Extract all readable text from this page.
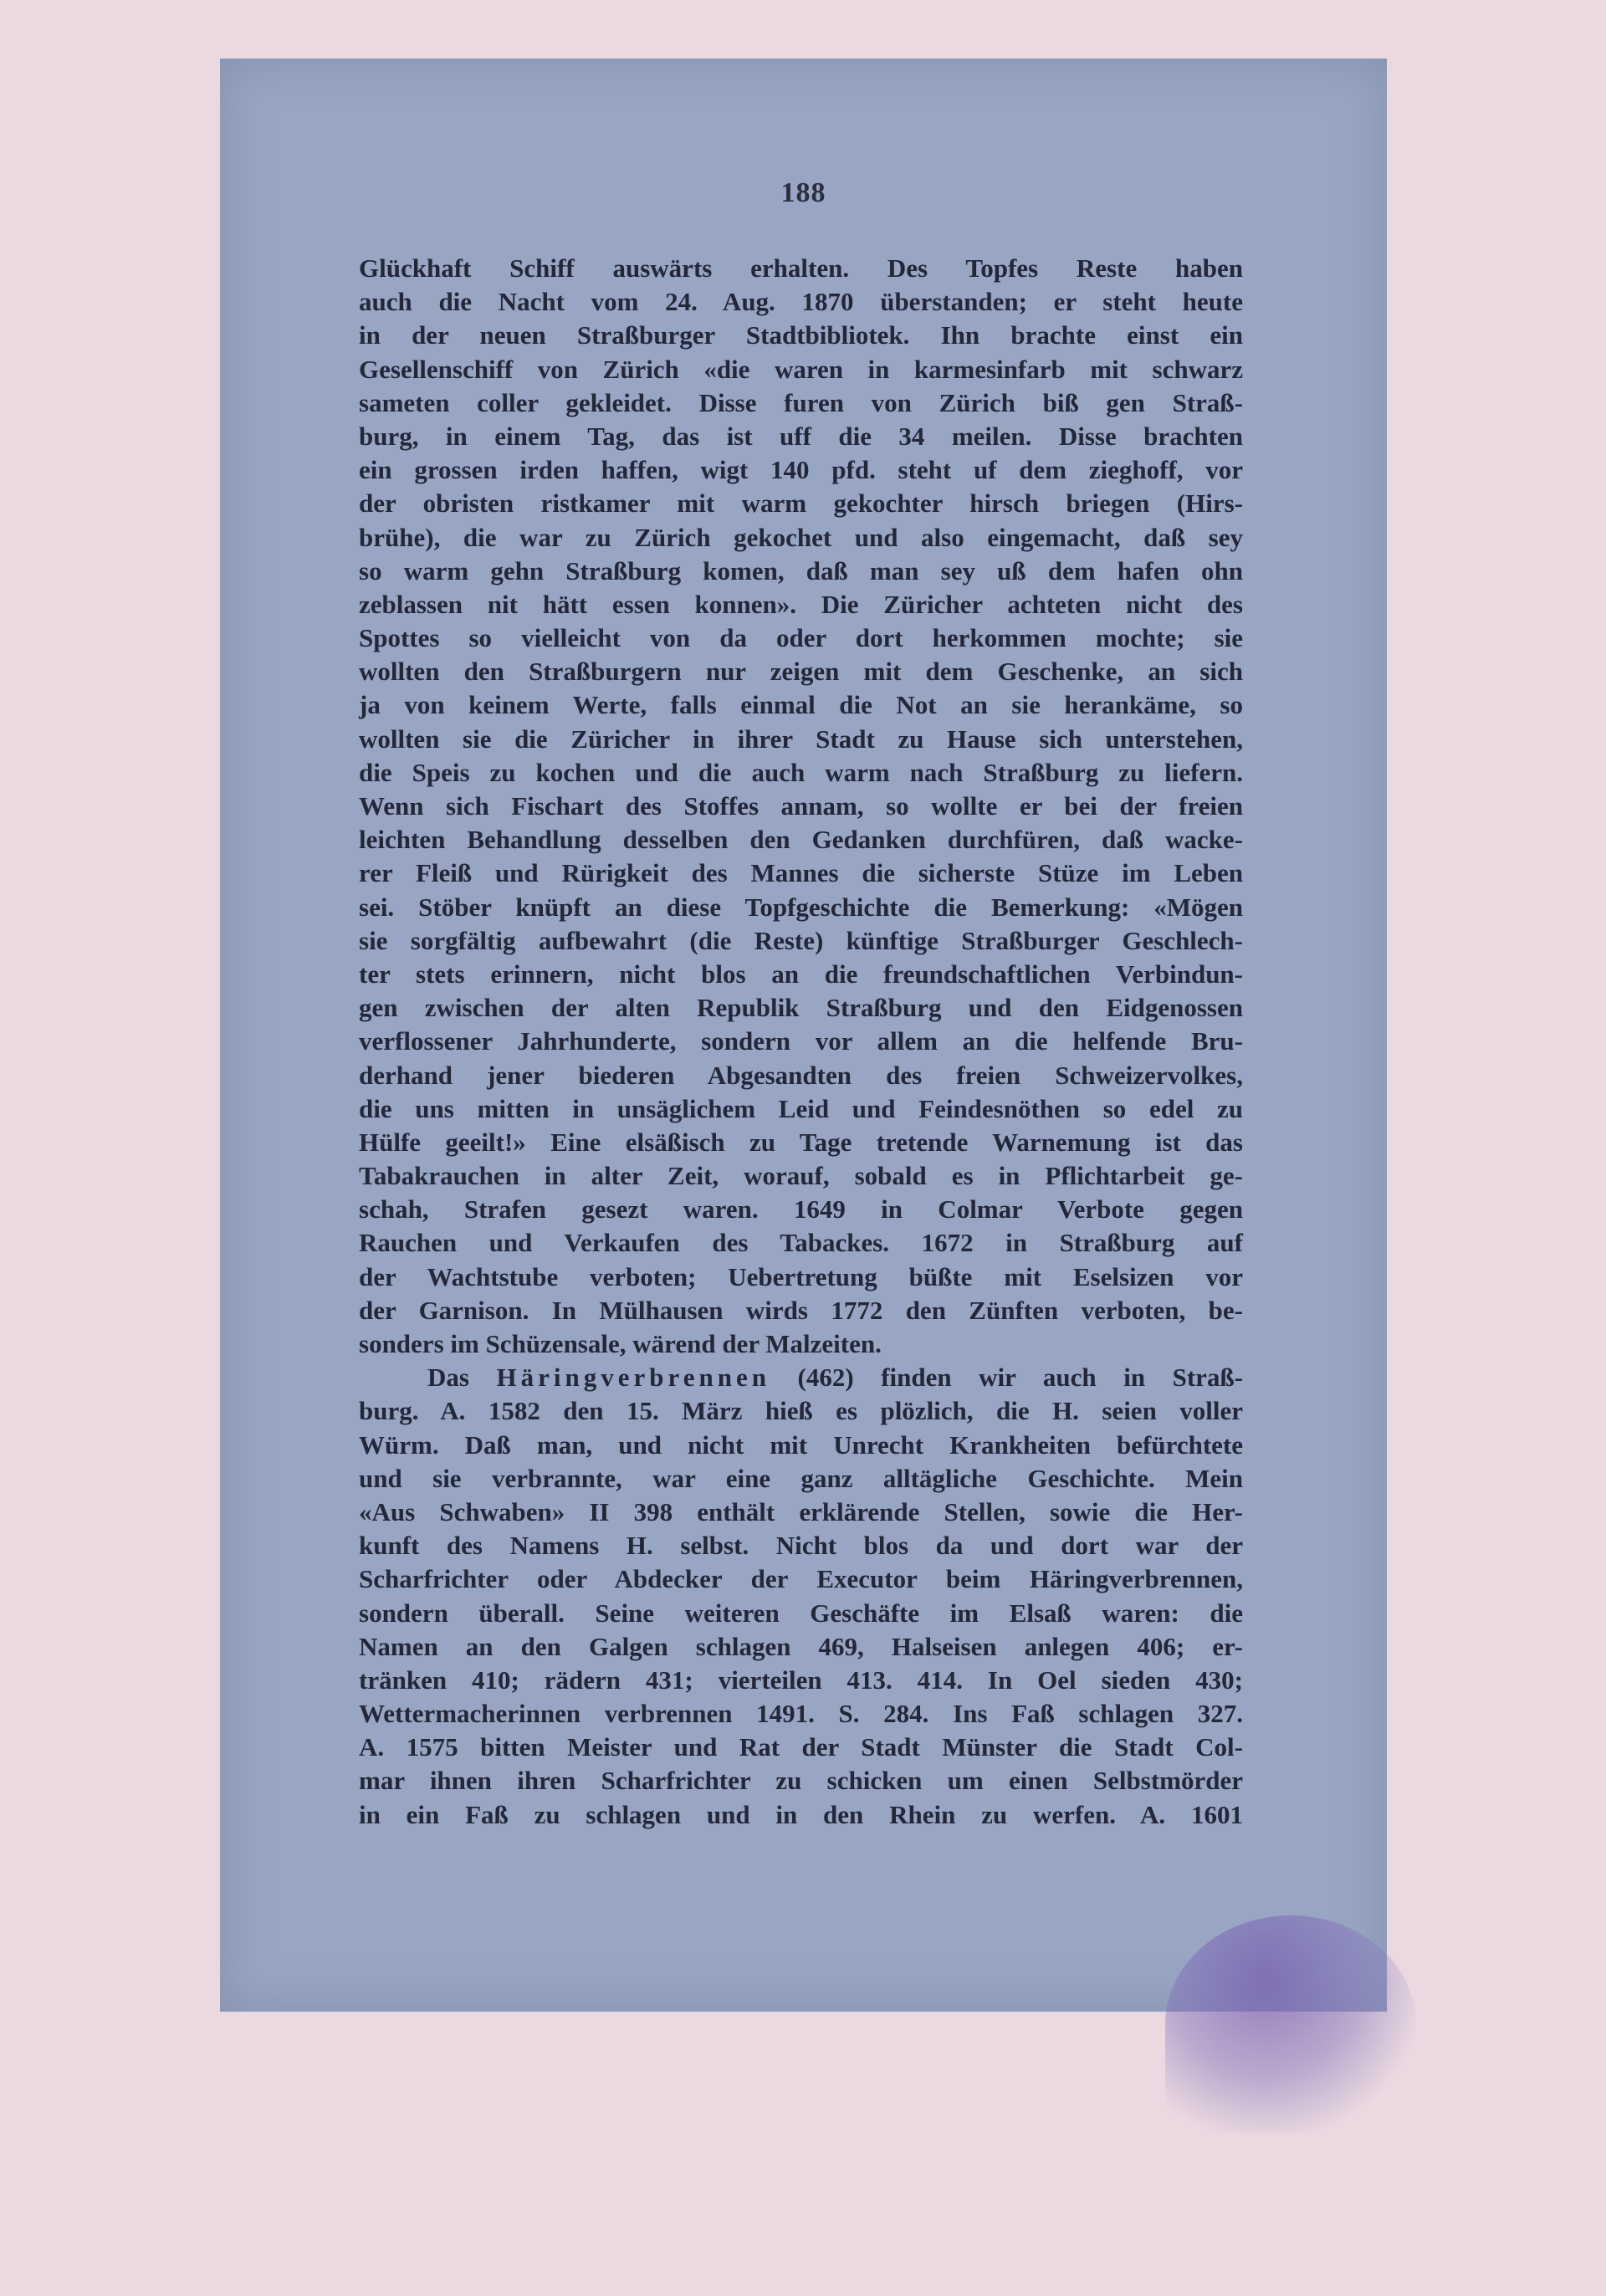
188
Glückhaft Schiff auswärts erhalten. Des Topfes Reste haben
auch die Nacht vom 24. Aug. 1870 überstanden; er steht heute
in der neuen Straßburger Stadtbibliotek. Ihn brachte einst ein
Gesellenschiff von Zürich «die waren in karmesinfarb mit schwarz
sameten coller gekleidet. Disse furen von Zürich biß gen Straß-
burg, in einem Tag, das ist uff die 34 meilen. Disse brachten
ein grossen irden haffen, wigt 140 pfd. steht uf dem zieghoff, vor
der obristen ristkamer mit warm gekochter hirsch briegen (Hirs-
brühe), die war zu Zürich gekochet und also eingemacht, daß sey
so warm gehn Straßburg komen, daß man sey uß dem hafen ohn
zeblassen nit hätt essen konnen». Die Züricher achteten nicht des
Spottes so vielleicht von da oder dort herkommen mochte; sie
wollten den Straßburgern nur zeigen mit dem Geschenke, an sich
ja von keinem Werte, falls einmal die Not an sie herankäme, so
wollten sie die Züricher in ihrer Stadt zu Hause sich unterstehen,
die Speis zu kochen und die auch warm nach Straßburg zu liefern.
Wenn sich Fischart des Stoffes annam, so wollte er bei der freien
leichten Behandlung desselben den Gedanken durchfüren, daß wacke-
rer Fleiß und Rürigkeit des Mannes die sicherste Stüze im Leben
sei. Stöber knüpft an diese Topfgeschichte die Bemerkung: «Mögen
sie sorgfältig aufbewahrt (die Reste) künftige Straßburger Geschlech-
ter stets erinnern, nicht blos an die freundschaftlichen Verbindun-
gen zwischen der alten Republik Straßburg und den Eidgenossen
verflossener Jahrhunderte, sondern vor allem an die helfende Bru-
derhand jener biederen Abgesandten des freien Schweizervolkes,
die uns mitten in unsäglichem Leid und Feindesnöthen so edel zu
Hülfe geeilt!» Eine elsäßisch zu Tage tretende Warnemung ist das
Tabakrauchen in alter Zeit, worauf, sobald es in Pflichtarbeit ge-
schah, Strafen gesezt waren. 1649 in Colmar Verbote gegen
Rauchen und Verkaufen des Tabackes. 1672 in Straßburg auf
der Wachtstube verboten; Uebertretung büßte mit Eselsizen vor
der Garnison. In Mülhausen wirds 1772 den Zünften verboten, be-
sonders im Schüzensale, wärend der Malzeiten.
Das Häringverbrennen (462) finden wir auch in Straß-
burg. A. 1582 den 15. März hieß es plözlich, die H. seien voller
Würm. Daß man, und nicht mit Unrecht Krankheiten befürchtete
und sie verbrannte, war eine ganz alltägliche Geschichte. Mein
«Aus Schwaben» II 398 enthält erklärende Stellen, sowie die Her-
kunft des Namens H. selbst. Nicht blos da und dort war der
Scharfrichter oder Abdecker der Executor beim Häringverbrennen,
sondern überall. Seine weiteren Geschäfte im Elsaß waren: die
Namen an den Galgen schlagen 469, Halseisen anlegen 406; er-
tränken 410; rädern 431; vierteilen 413. 414. In Oel sieden 430;
Wettermacherinnen verbrennen 1491. S. 284. Ins Faß schlagen 327.
A. 1575 bitten Meister und Rat der Stadt Münster die Stadt Col-
mar ihnen ihren Scharfrichter zu schicken um einen Selbstmörder
in ein Faß zu schlagen und in den Rhein zu werfen. A. 1601
